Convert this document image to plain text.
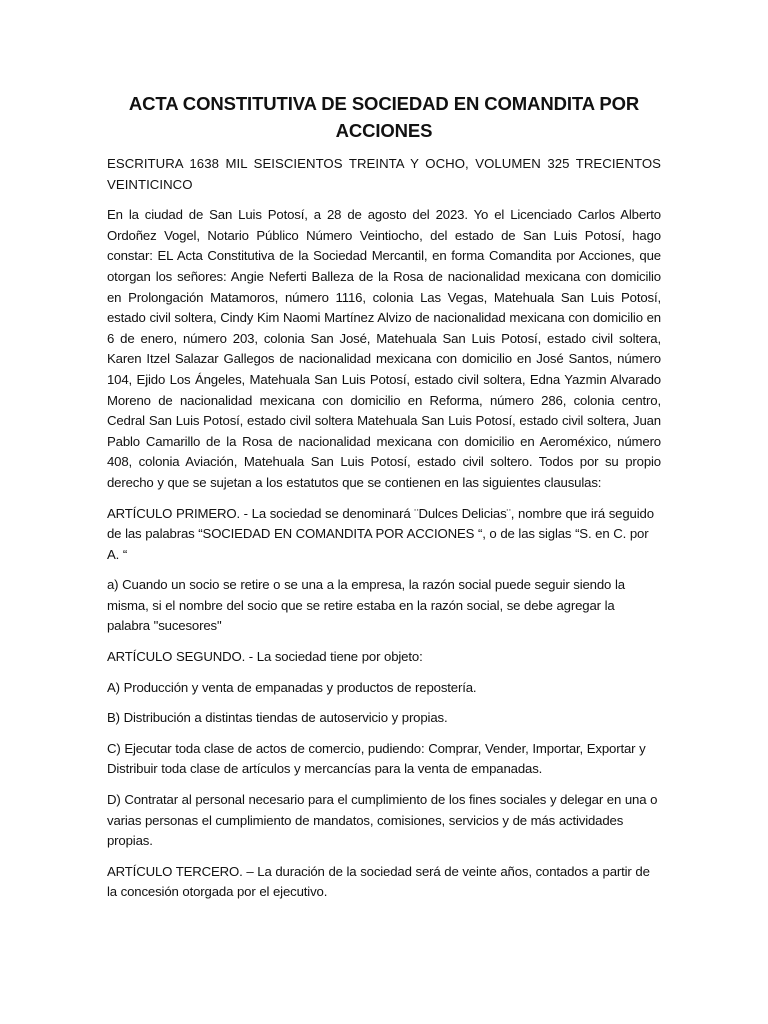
ACTA CONSTITUTIVA DE SOCIEDAD EN COMANDITA POR ACCIONES

ESCRITURA 1638 MIL SEISCIENTOS TREINTA Y OCHO, VOLUMEN 325 TRECIENTOS VEINTICINCO

En la ciudad de San Luis Potosí, a 28 de agosto del 2023. Yo el Licenciado Carlos Alberto Ordoñez Vogel, Notario Público Número Veintiocho, del estado de San Luis Potosí, hago constar: EL Acta Constitutiva de la Sociedad Mercantil, en forma Comandita por Acciones, que otorgan los señores: Angie Neferti Balleza de la Rosa de nacionalidad mexicana con domicilio en Prolongación Matamoros, número 1116, colonia Las Vegas, Matehuala San Luis Potosí, estado civil soltera, Cindy Kim Naomi Martínez Alvizo de nacionalidad mexicana con domicilio en 6 de enero, número 203, colonia San José, Matehuala San Luis Potosí, estado civil soltera, Karen Itzel Salazar Gallegos de nacionalidad mexicana con domicilio en José Santos, número 104, Ejido Los Ángeles, Matehuala San Luis Potosí, estado civil soltera, Edna Yazmin Alvarado Moreno de nacionalidad mexicana con domicilio en Reforma, número 286, colonia centro, Cedral San Luis Potosí, estado civil soltera Matehuala San Luis Potosí, estado civil soltera, Juan Pablo Camarillo de la Rosa de nacionalidad mexicana con domicilio en Aeroméxico, número 408, colonia Aviación, Matehuala San Luis Potosí, estado civil soltero. Todos por su propio derecho y que se sujetan a los estatutos que se contienen en las siguientes clausulas:

ARTÍCULO PRIMERO. - La sociedad se denominará ¨Dulces Delicias¨, nombre que irá seguido de las palabras “SOCIEDAD EN COMANDITA POR ACCIONES “, o de las siglas “S. en C. por A. “

a) Cuando un socio se retire o se una a la empresa, la razón social puede seguir siendo la misma, si el nombre del socio que se retire estaba en la razón social, se debe agregar la palabra "sucesores"

ARTÍCULO SEGUNDO. - La sociedad tiene por objeto:

A) Producción y venta de empanadas y productos de repostería.

B) Distribución a distintas tiendas de autoservicio y propias.

C) Ejecutar toda clase de actos de comercio, pudiendo: Comprar, Vender, Importar, Exportar y Distribuir toda clase de artículos y mercancías para la venta de empanadas.

D) Contratar al personal necesario para el cumplimiento de los fines sociales y delegar en una o varias personas el cumplimiento de mandatos, comisiones, servicios y de más actividades propias.

ARTÍCULO TERCERO. – La duración de la sociedad será de veinte años, contados a partir de la concesión otorgada por el ejecutivo.
